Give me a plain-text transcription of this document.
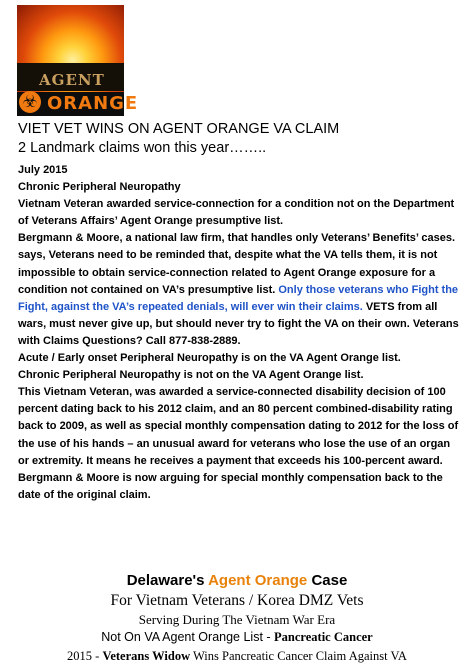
AGENT
☣ ORANGE
VIET VET WINS ON AGENT ORANGE VA CLAIM
2 Landmark claims won this year……..

July 2015

Chronic Peripheral Neuropathy

Vietnam Veteran awarded service-connection for a condition not on the Department of Veterans Affairs’ Agent Orange presumptive list.

Bergmann & Moore, a national law firm, that handles only Veterans’ Benefits’ cases. says, Veterans need to be reminded that, despite what the VA tells them, it is not impossible to obtain service-connection related to Agent Orange exposure for a condition not contained on VA’s presumptive list. Only those veterans who Fight the Fight, against the VA’s repeated denials, will ever win their claims. VETS from all wars, must never give up, but should never try to fight the VA on their own. Veterans with Claims Questions? Call 877-838-2889.

Acute / Early onset Peripheral Neuropathy is on the VA Agent Orange list.

Chronic Peripheral Neuropathy is not on the VA Agent Orange list.

This Vietnam Veteran, was awarded a service-connected disability decision of 100 percent dating back to his 2012 claim, and an 80 percent combined-disability rating back to 2009, as well as special monthly compensation dating to 2012 for the loss of the use of his hands – an unusual award for veterans who lose the use of an organ or extremity. It means he receives a payment that exceeds his 100-percent award. Bergmann & Moore is now arguing for special monthly compensation back to the date of the original claim.

Delaware's Agent Orange Case
For Vietnam Veterans / Korea DMZ Vets
Serving During The Vietnam War Era
Not On VA Agent Orange List - Pancreatic Cancer
2015 - Veterans Widow Wins Pancreatic Cancer Claim Against VA
